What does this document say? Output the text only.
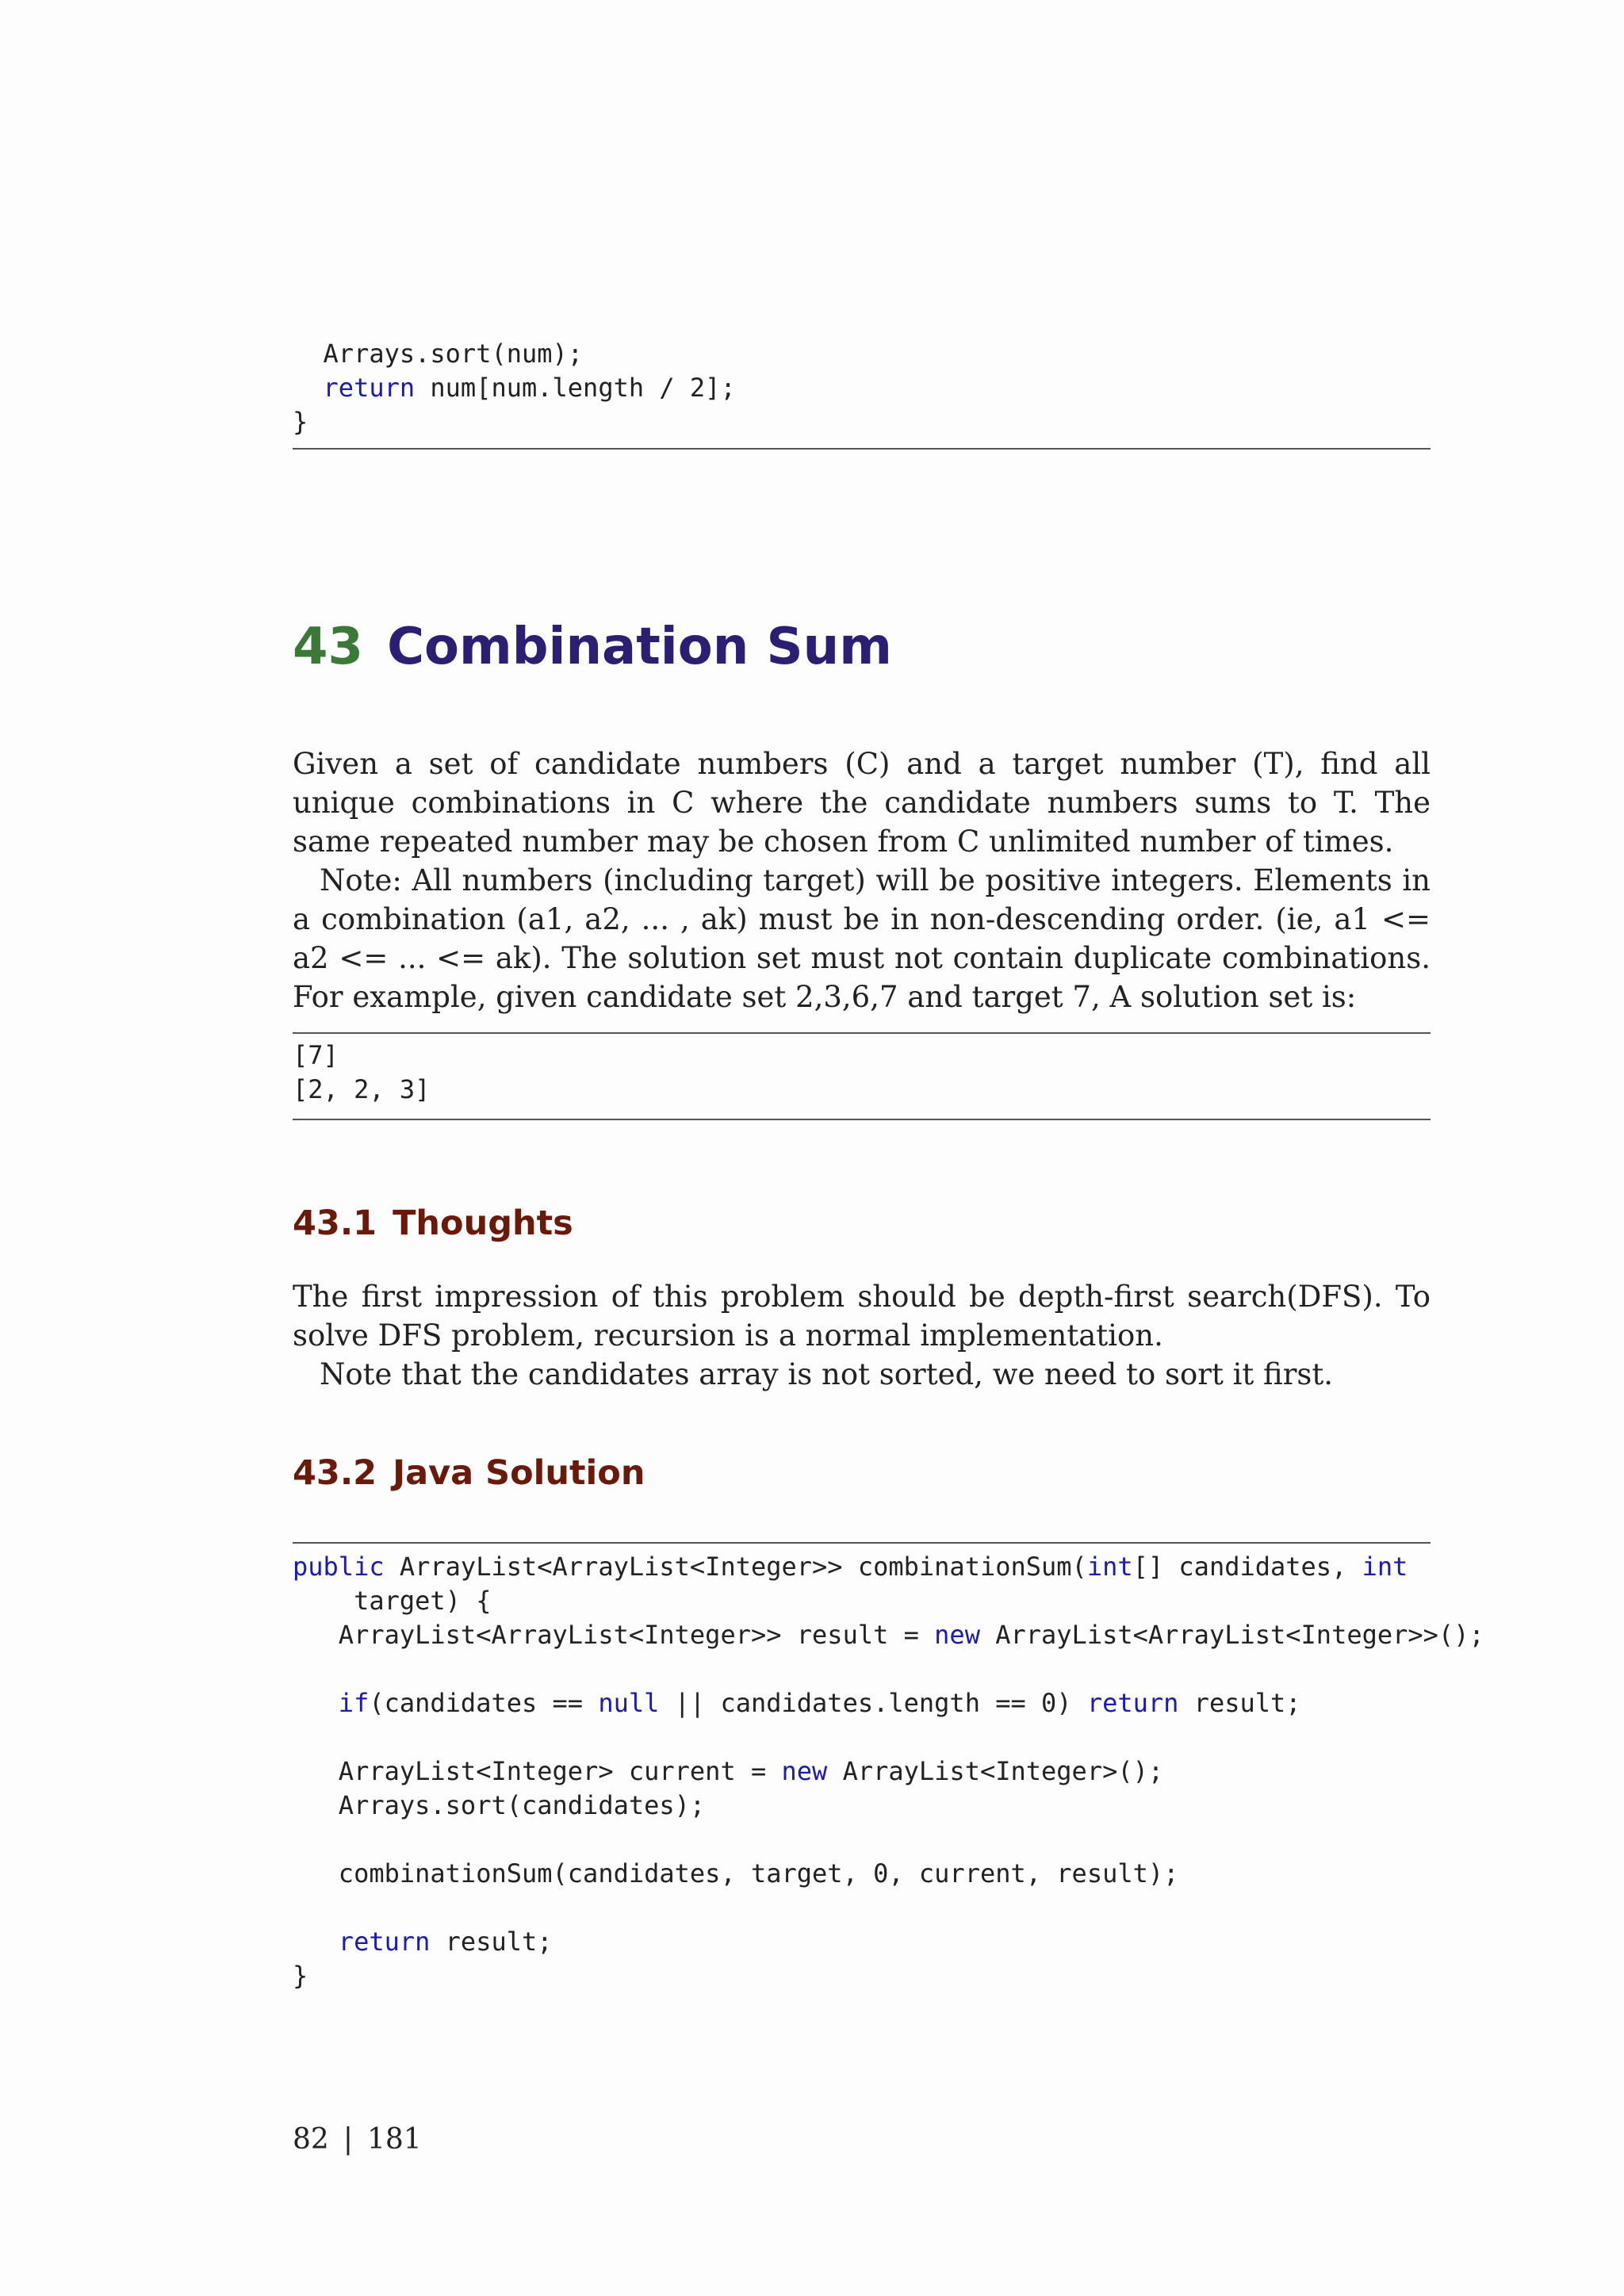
Arrays.sort(num);
return num[num.length / 2];
}
43 Combination Sum

Given a set of candidate numbers (C) and a target number (T), find all unique combinations in C where the candidate numbers sums to T. The same repeated number may be chosen from C unlimited number of times.

Note: All numbers (including target) will be positive integers. Elements in a combination (a1, a2, ... , ak) must be in non-descending order. (ie, a1 <= a2 <= ... <= ak). The solution set must not contain duplicate combinations. For example, given candidate set 2,3,6,7 and target 7, A solution set is:

[7]
[2, 2, 3]
43.1 Thoughts

The first impression of this problem should be depth-first search(DFS). To solve DFS problem, recursion is a normal implementation.

Note that the candidates array is not sorted, we need to sort it first.

43.2 Java Solution
public ArrayList<ArrayList<Integer>> combinationSum(int[] candidates, int
target) {
ArrayList<ArrayList<Integer>> result = new ArrayList<ArrayList<Integer>>();

if(candidates == null || candidates.length == 0) return result;

ArrayList<Integer> current = new ArrayList<Integer>();
Arrays.sort(candidates);

combinationSum(candidates, target, 0, current, result);

return result;
}
82 | 181
